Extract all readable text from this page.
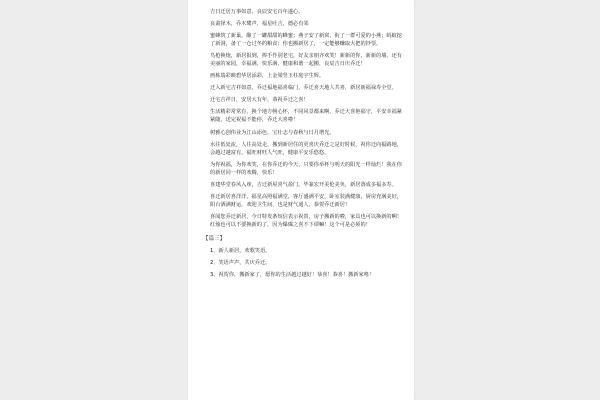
吉日迁居万事如意，良辰安宅百年遂心。

良禽择木，乔木鹭声，福星吐吉，德必有邻

蜜蜂筑了新巢，酿了一罐甜甜的蜂蜜；燕子安了新窝，衔了一群可爱的小燕；蚂蚁挖了新洞，备了一仓过冬的粮食；你也搬新居了，一定能够赚取大把的钞票。

鸟枪换炮，新居报到，捧手作别老宅，好友亲朋齐欢笑！新新的你，新新的墙，还有美丽的家园，幸福满，快乐满，健康和谐一起搬，良辰吉日庆乔迁！

画栋瑞彩映碧华居添彩，上金梁竖玉柱庭宇生辉。

迁入新宅吉祥如意，乔迁福地福喜临门，乔迁喜天地人共喜，新居新福禄寿全堂。

迁宅吉祥日，安居大有年，恭祝乔迁之喜！

生活精彩常常有，换个地方畅心怀，不同风景都来啊，乔迁大喜艳福守，平安幸福紧紧随，送完祝福不能停，乔迁大喜啦！

树雅心创伟业为江山添色，宝壮志与春秋与日月增光。

水往低处流，人往高处走，搬到新居住的更喜庆乔迁之是好时候，祝你迁向福路地，会越过越富有，福旺财旺人气旺，健康平安乐悠悠。

为你祝福，为你欢笑，在你乔迁的今天，只要你举杯与明天的阳光一样灿烂！我在你的新居同一样的欢腾，快乐！

喜建华堂春风入座，吉迁新屋喜气盈门。毕篆宏开美伦美奂，新居落成多福多寿。

喜迁新居喜洋洋，福星高照福满堂，客厅盛满平安，卧室装满健康，厨房充满美好，阳台洒满财运，欢迎卫生间，也是财气通人，恭贺乔迁新居！

喜闻您乔迁新居，今日特发条短信表示祝贺，房子搬新的啦，家具也可以换新的啊！红烛也可以不要换新的了，因为爆爆之喜不下谭嘛！这个可是必须的！

【篇三】
1、新人新居，欢歌笑语。
2、笑语声声，共庆乔迁。
3、祝贺你，搬新家了，愿你的生活越过越好！恭喜！恭喜！搬新家咯！
